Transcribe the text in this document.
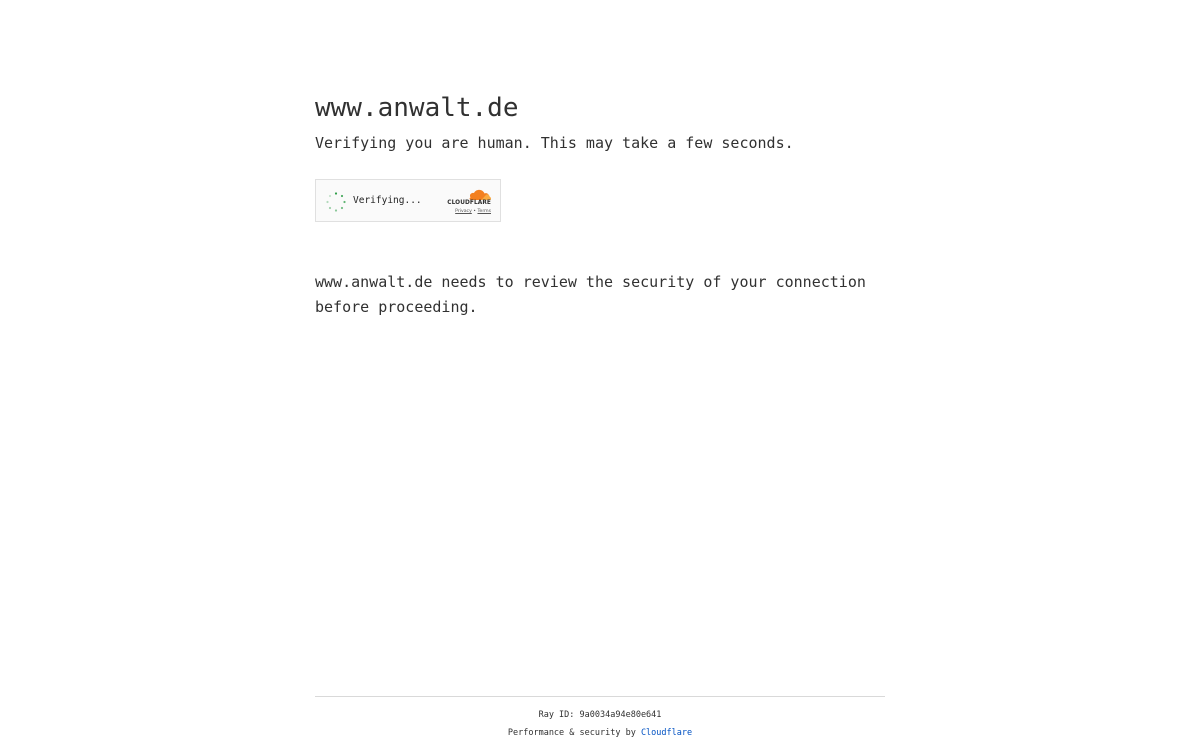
www.anwalt.de

Verifying you are human. This may take a few seconds.

Verifying...	CLOUDFLARE
Privacy • Terms
www.anwalt.de needs to review the security of your connection before proceeding.
Ray ID: 9a0034a94e80e641
Performance & security by Cloudflare
